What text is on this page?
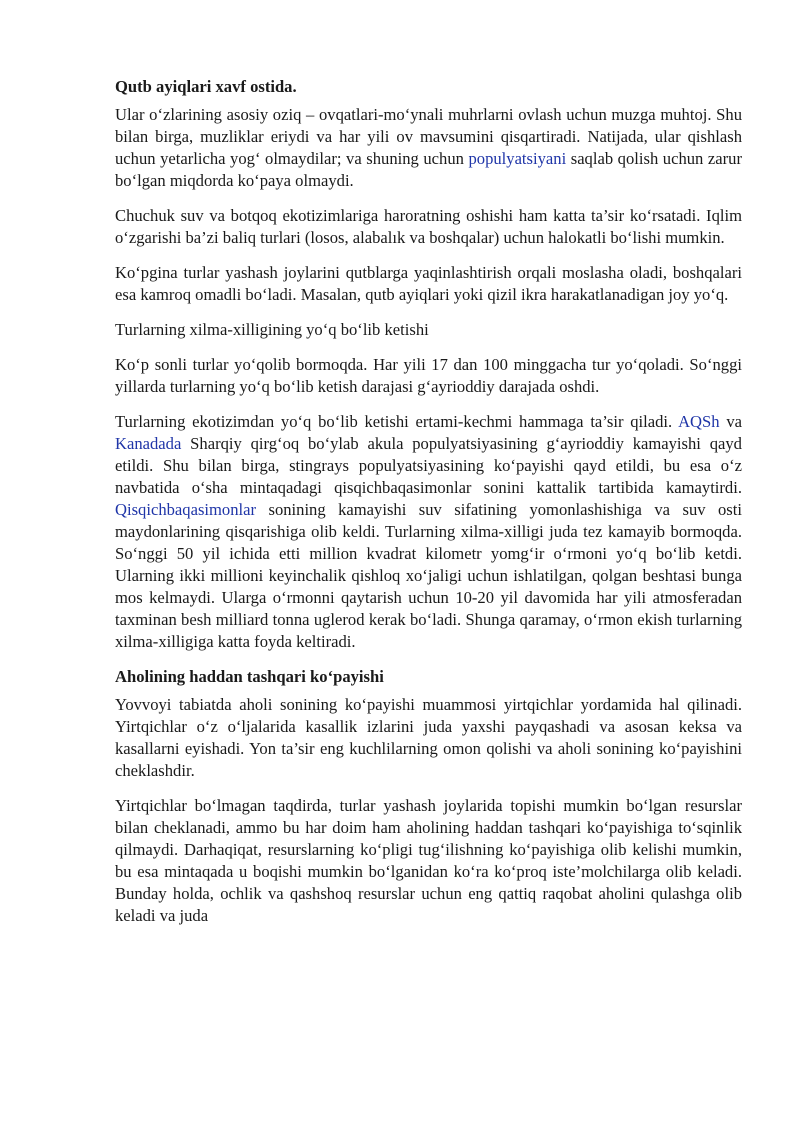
Qutb ayiqlari xavf ostida.

Ular o‘zlarining asosiy oziq – ovqatlari-mo‘ynali muhrlarni ovlash uchun muzga muhtoj. Shu bilan birga, muzliklar eriydi va har yili ov mavsumini qisqartiradi. Natijada, ular qishlash uchun yetarlicha yog‘ olmaydilar; va shuning uchun populyatsiyani saqlab qolish uchun zarur bo‘lgan miqdorda ko‘paya olmaydi.

Chuchuk suv va botqoq ekotizimlariga haroratning oshishi ham katta ta’sir ko‘rsatadi. Iqlim o‘zgarishi ba’zi baliq turlari (losos, alabalık va boshqalar) uchun halokatli bo‘lishi mumkin.

Ko‘pgina turlar yashash joylarini qutblarga yaqinlashtirish orqali moslasha oladi, boshqalari esa kamroq omadli bo‘ladi. Masalan, qutb ayiqlari yoki qizil ikra harakatlanadigan joy yo‘q.

Turlarning xilma-xilligining yo‘q bo‘lib ketishi

Ko‘p sonli turlar yo‘qolib bormoqda. Har yili 17 dan 100 minggacha tur yo‘qoladi. So‘nggi yillarda turlarning yo‘q bo‘lib ketish darajasi g‘ayrioddiy darajada oshdi.

Turlarning ekotizimdan yo‘q bo‘lib ketishi ertami-kechmi hammaga ta’sir qiladi. AQSh va Kanadada Sharqiy qirg‘oq bo‘ylab akula populyatsiyasining g‘ayrioddiy kamayishi qayd etildi. Shu bilan birga, stingrays populyatsiyasining ko‘payishi qayd etildi, bu esa o‘z navbatida o‘sha mintaqadagi qisqichbaqasimonlar sonini kattalik tartibida kamaytirdi. Qisqichbaqasimonlar sonining kamayishi suv sifatining yomonlashishiga va suv osti maydonlarining qisqarishiga olib keldi. Turlarning xilma-xilligi juda tez kamayib bormoqda. So‘nggi 50 yil ichida etti million kvadrat kilometr yomg‘ir o‘rmoni yo‘q bo‘lib ketdi. Ularning ikki millioni keyinchalik qishloq xo‘jaligi uchun ishlatilgan, qolgan beshtasi bunga mos kelmaydi. Ularga o‘rmonni qaytarish uchun 10-20 yil davomida har yili atmosferadan taxminan besh milliard tonna uglerod kerak bo‘ladi. Shunga qaramay, o‘rmon ekish turlarning xilma-xilligiga katta foyda keltiradi.

Aholining haddan tashqari ko‘payishi

Yovvoyi tabiatda aholi sonining ko‘payishi muammosi yirtqichlar yordamida hal qilinadi. Yirtqichlar o‘z o‘ljalarida kasallik izlarini juda yaxshi payqashadi va asosan keksa va kasallarni eyishadi. Yon ta’sir eng kuchlilarning omon qolishi va aholi sonining ko‘payishini cheklashdir.

Yirtqichlar bo‘lmagan taqdirda, turlar yashash joylarida topishi mumkin bo‘lgan resurslar bilan cheklanadi, ammo bu har doim ham aholining haddan tashqari ko‘payishiga to‘sqinlik qilmaydi. Darhaqiqat, resurslarning ko‘pligi tug‘ilishning ko‘payishiga olib kelishi mumkin, bu esa mintaqada u boqishi mumkin bo‘lganidan ko‘ra ko‘proq iste’molchilarga olib keladi. Bunday holda, ochlik va qashshoq resurslar uchun eng qattiq raqobat aholini qulashga olib keladi va juda
